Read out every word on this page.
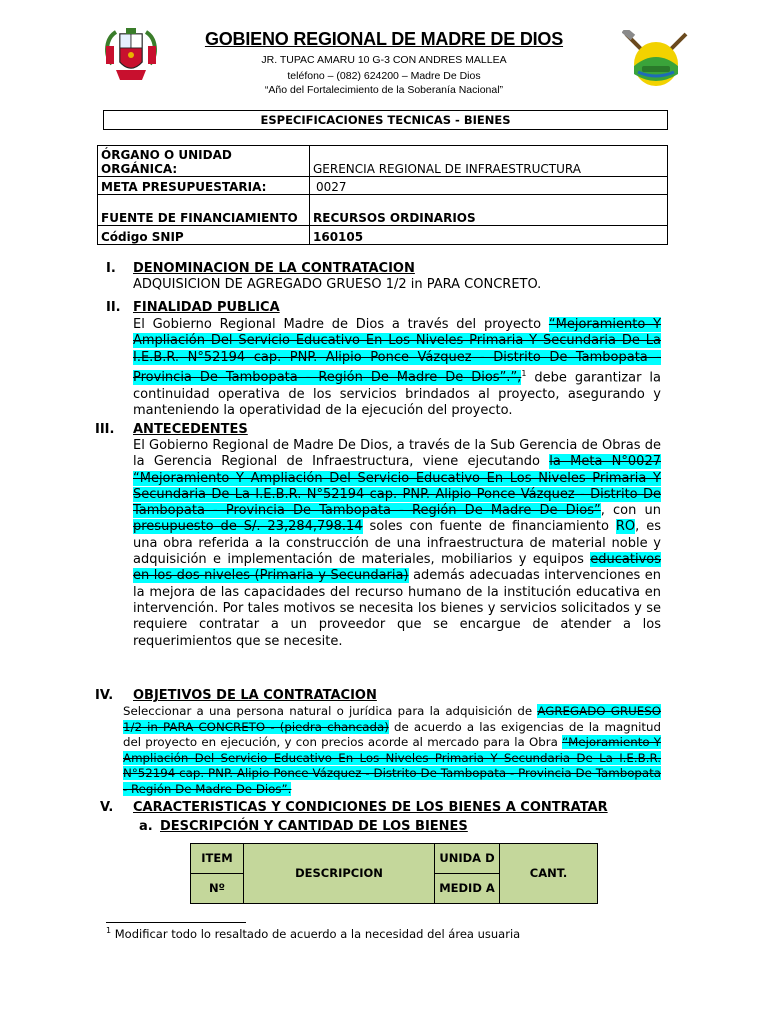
GOBIENO REGIONAL DE MADRE DE DIOS
JR. TUPAC AMARU 10 G-3 CON ANDRES MALLEA
teléfono – (082) 624200 – Madre De Dios
“Año del Fortalecimiento de la Soberanía Nacional”
ESPECIFICACIONES TECNICAS - BIENES
ÓRGANO O UNIDAD ORGÁNICA:	GERENCIA REGIONAL DE INFRAESTRUCTURA
META PRESUPUESTARIA:	0027
FUENTE DE FINANCIAMIENTO	RECURSOS ORDINARIOS
Código SNIP	160105
I. DENOMINACION DE LA CONTRATACION
ADQUISICION DE AGREGADO GRUESO 1/2 in PARA CONCRETO.
II. FINALIDAD PUBLICA
El Gobierno Regional Madre de Dios a través del proyecto “Mejoramiento Y Ampliación Del Servicio Educativo En Los Niveles Primaria Y Secundaria De La I.E.B.R. N°52194 cap. PNP. Alipio Ponce Vázquez - Distrito De Tambopata - Provincia De Tambopata - Región De Madre De Dios”.”,$^1$ debe garantizar la continuidad operativa de los servicios brindados al proyecto, asegurando y manteniendo la operatividad de la ejecución del proyecto.
III. ANTECEDENTES
El Gobierno Regional de Madre De Dios, a través de la Sub Gerencia de Obras de la Gerencia Regional de Infraestructura, viene ejecutando la Meta N°0027 “Mejoramiento Y Ampliación Del Servicio Educativo En Los Niveles Primaria Y Secundaria De La I.E.B.R. N°52194 cap. PNP. Alipio Ponce Vázquez - Distrito De Tambopata - Provincia De Tambopata - Región De Madre De Dios”, con un presupuesto de S/. 23,284,798.14 soles con fuente de financiamiento RO, es una obra referida a la construcción de una infraestructura de material noble y adquisición e implementación de materiales, mobiliarios y equipos educativos en los dos niveles (Primaria y Secundaria) además adecuadas intervenciones en la mejora de las capacidades del recurso humano de la institución educativa en intervención. Por tales motivos se necesita los bienes y servicios solicitados y se requiere contratar a un proveedor que se encargue de atender a los requerimientos que se necesite.
IV. OBJETIVOS DE LA CONTRATACION
Seleccionar a una persona natural o jurídica para la adquisición de AGREGADO GRUESO 1/2 in PARA CONCRETO - (piedra chancada) de acuerdo a las exigencias de la magnitud del proyecto en ejecución, y con precios acorde al mercado para la Obra “Mejoramiento Y Ampliación Del Servicio Educativo En Los Niveles Primaria Y Secundaria De La I.E.B.R. N°52194 cap. PNP. Alipio Ponce Vázquez - Distrito De Tambopata - Provincia De Tambopata - Región De Madre De Dios”.
V. CARACTERISTICAS Y CONDICIONES DE LOS BIENES A CONTRATAR
a. DESCRIPCIÓN Y CANTIDAD DE LOS BIENES
ITEM	DESCRIPCION	UNIDA D	CANT.
Nº		MEDID A	
$^1$ Modificar todo lo resaltado de acuerdo a la necesidad del área usuaria
